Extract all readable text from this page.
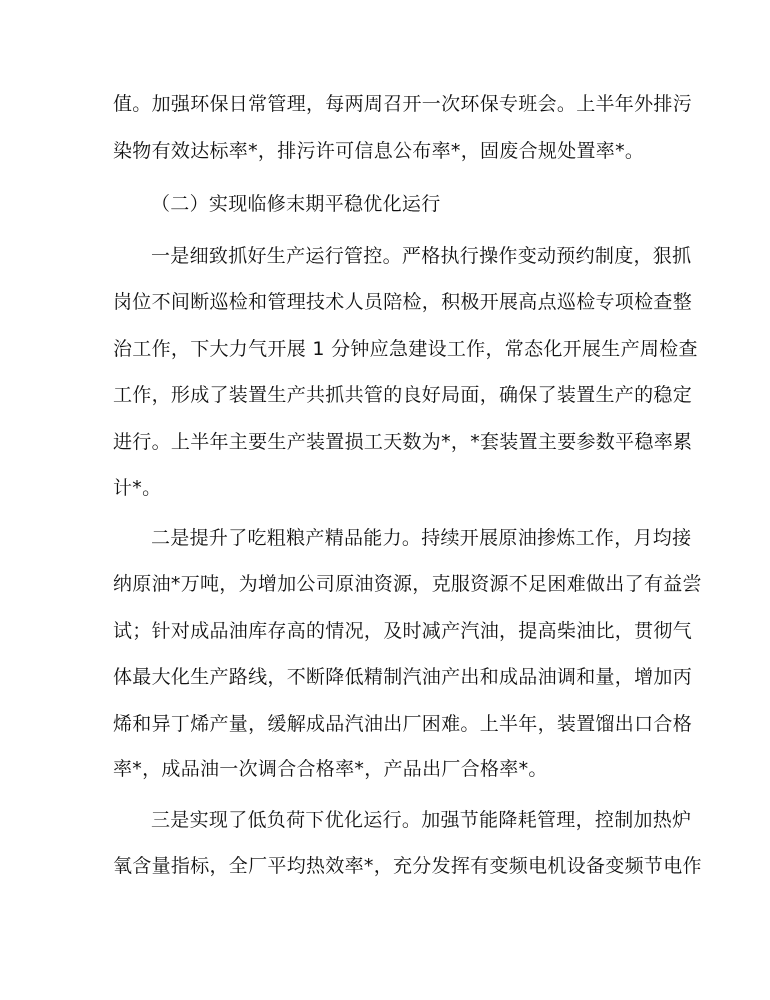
值。加强环保日常管理，每两周召开一次环保专班会。上半年外排污
染物有效达标率*，排污许可信息公布率*，固废合规处置率*。
（二）实现临修末期平稳优化运行
一是细致抓好生产运行管控。严格执行操作变动预约制度，狠抓
岗位不间断巡检和管理技术人员陪检，积极开展高点巡检专项检查整
治工作，下大力气开展 1 分钟应急建设工作，常态化开展生产周检查
工作，形成了装置生产共抓共管的良好局面，确保了装置生产的稳定
进行。上半年主要生产装置损工天数为*，*套装置主要参数平稳率累
计*。
二是提升了吃粗粮产精品能力。持续开展原油掺炼工作，月均接
纳原油*万吨，为增加公司原油资源，克服资源不足困难做出了有益尝
试；针对成品油库存高的情况，及时减产汽油，提高柴油比，贯彻气
体最大化生产路线，不断降低精制汽油产出和成品油调和量，增加丙
烯和异丁烯产量，缓解成品汽油出厂困难。上半年，装置馏出口合格
率*，成品油一次调合合格率*，产品出厂合格率*。
三是实现了低负荷下优化运行。加强节能降耗管理，控制加热炉
氧含量指标，全厂平均热效率*，充分发挥有变频电机设备变频节电作
